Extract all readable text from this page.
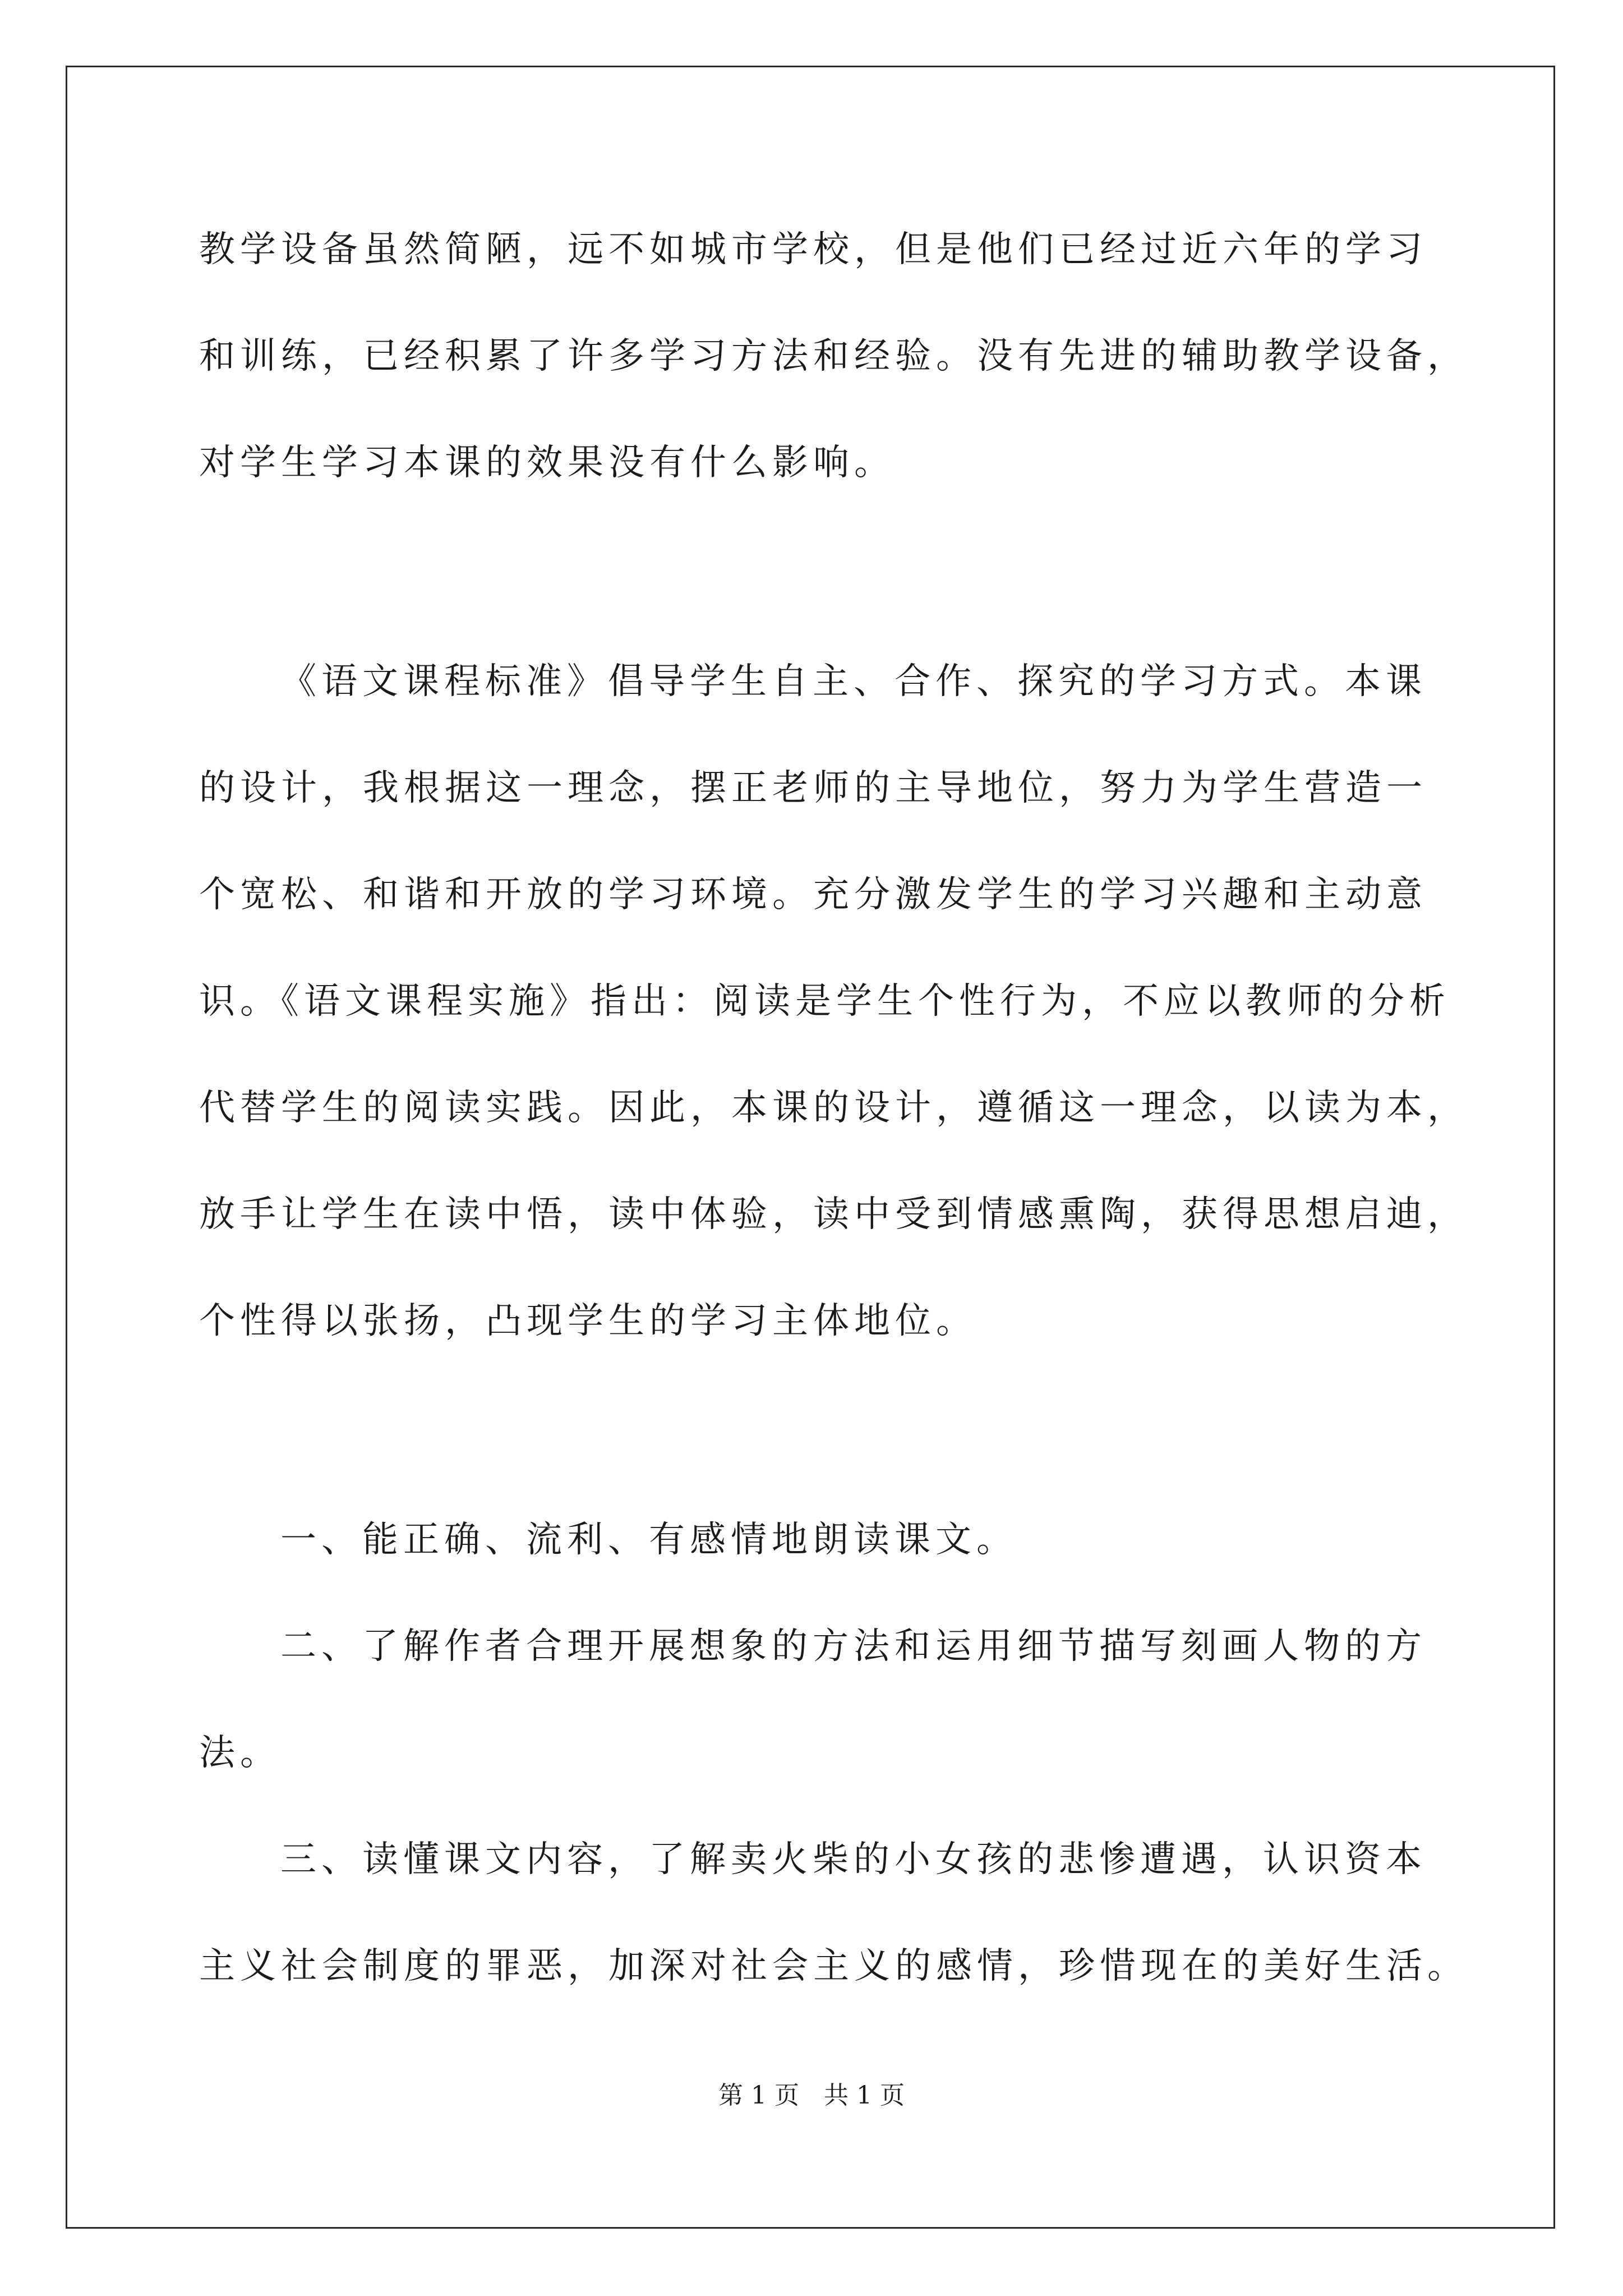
教学设备虽然简陋，远不如城市学校，但是他们已经过近六年的学习
和训练，已经积累了许多学习方法和经验。没有先进的辅助教学设备，
对学生学习本课的效果没有什么影响。
《语文课程标准》倡导学生自主、合作、探究的学习方式。本课
的设计，我根据这一理念，摆正老师的主导地位，努力为学生营造一
个宽松、和谐和开放的学习环境。充分激发学生的学习兴趣和主动意
识。《语文课程实施》指出：阅读是学生个性行为，不应以教师的分析
代替学生的阅读实践。因此，本课的设计，遵循这一理念，以读为本，
放手让学生在读中悟，读中体验，读中受到情感熏陶，获得思想启迪，
个性得以张扬，凸现学生的学习主体地位。
一、能正确、流利、有感情地朗读课文。
二、了解作者合理开展想象的方法和运用细节描写刻画人物的方
法。
三、读懂课文内容，了解卖火柴的小女孩的悲惨遭遇，认识资本
主义社会制度的罪恶，加深对社会主义的感情，珍惜现在的美好生活。
第 1 页　共 1 页
